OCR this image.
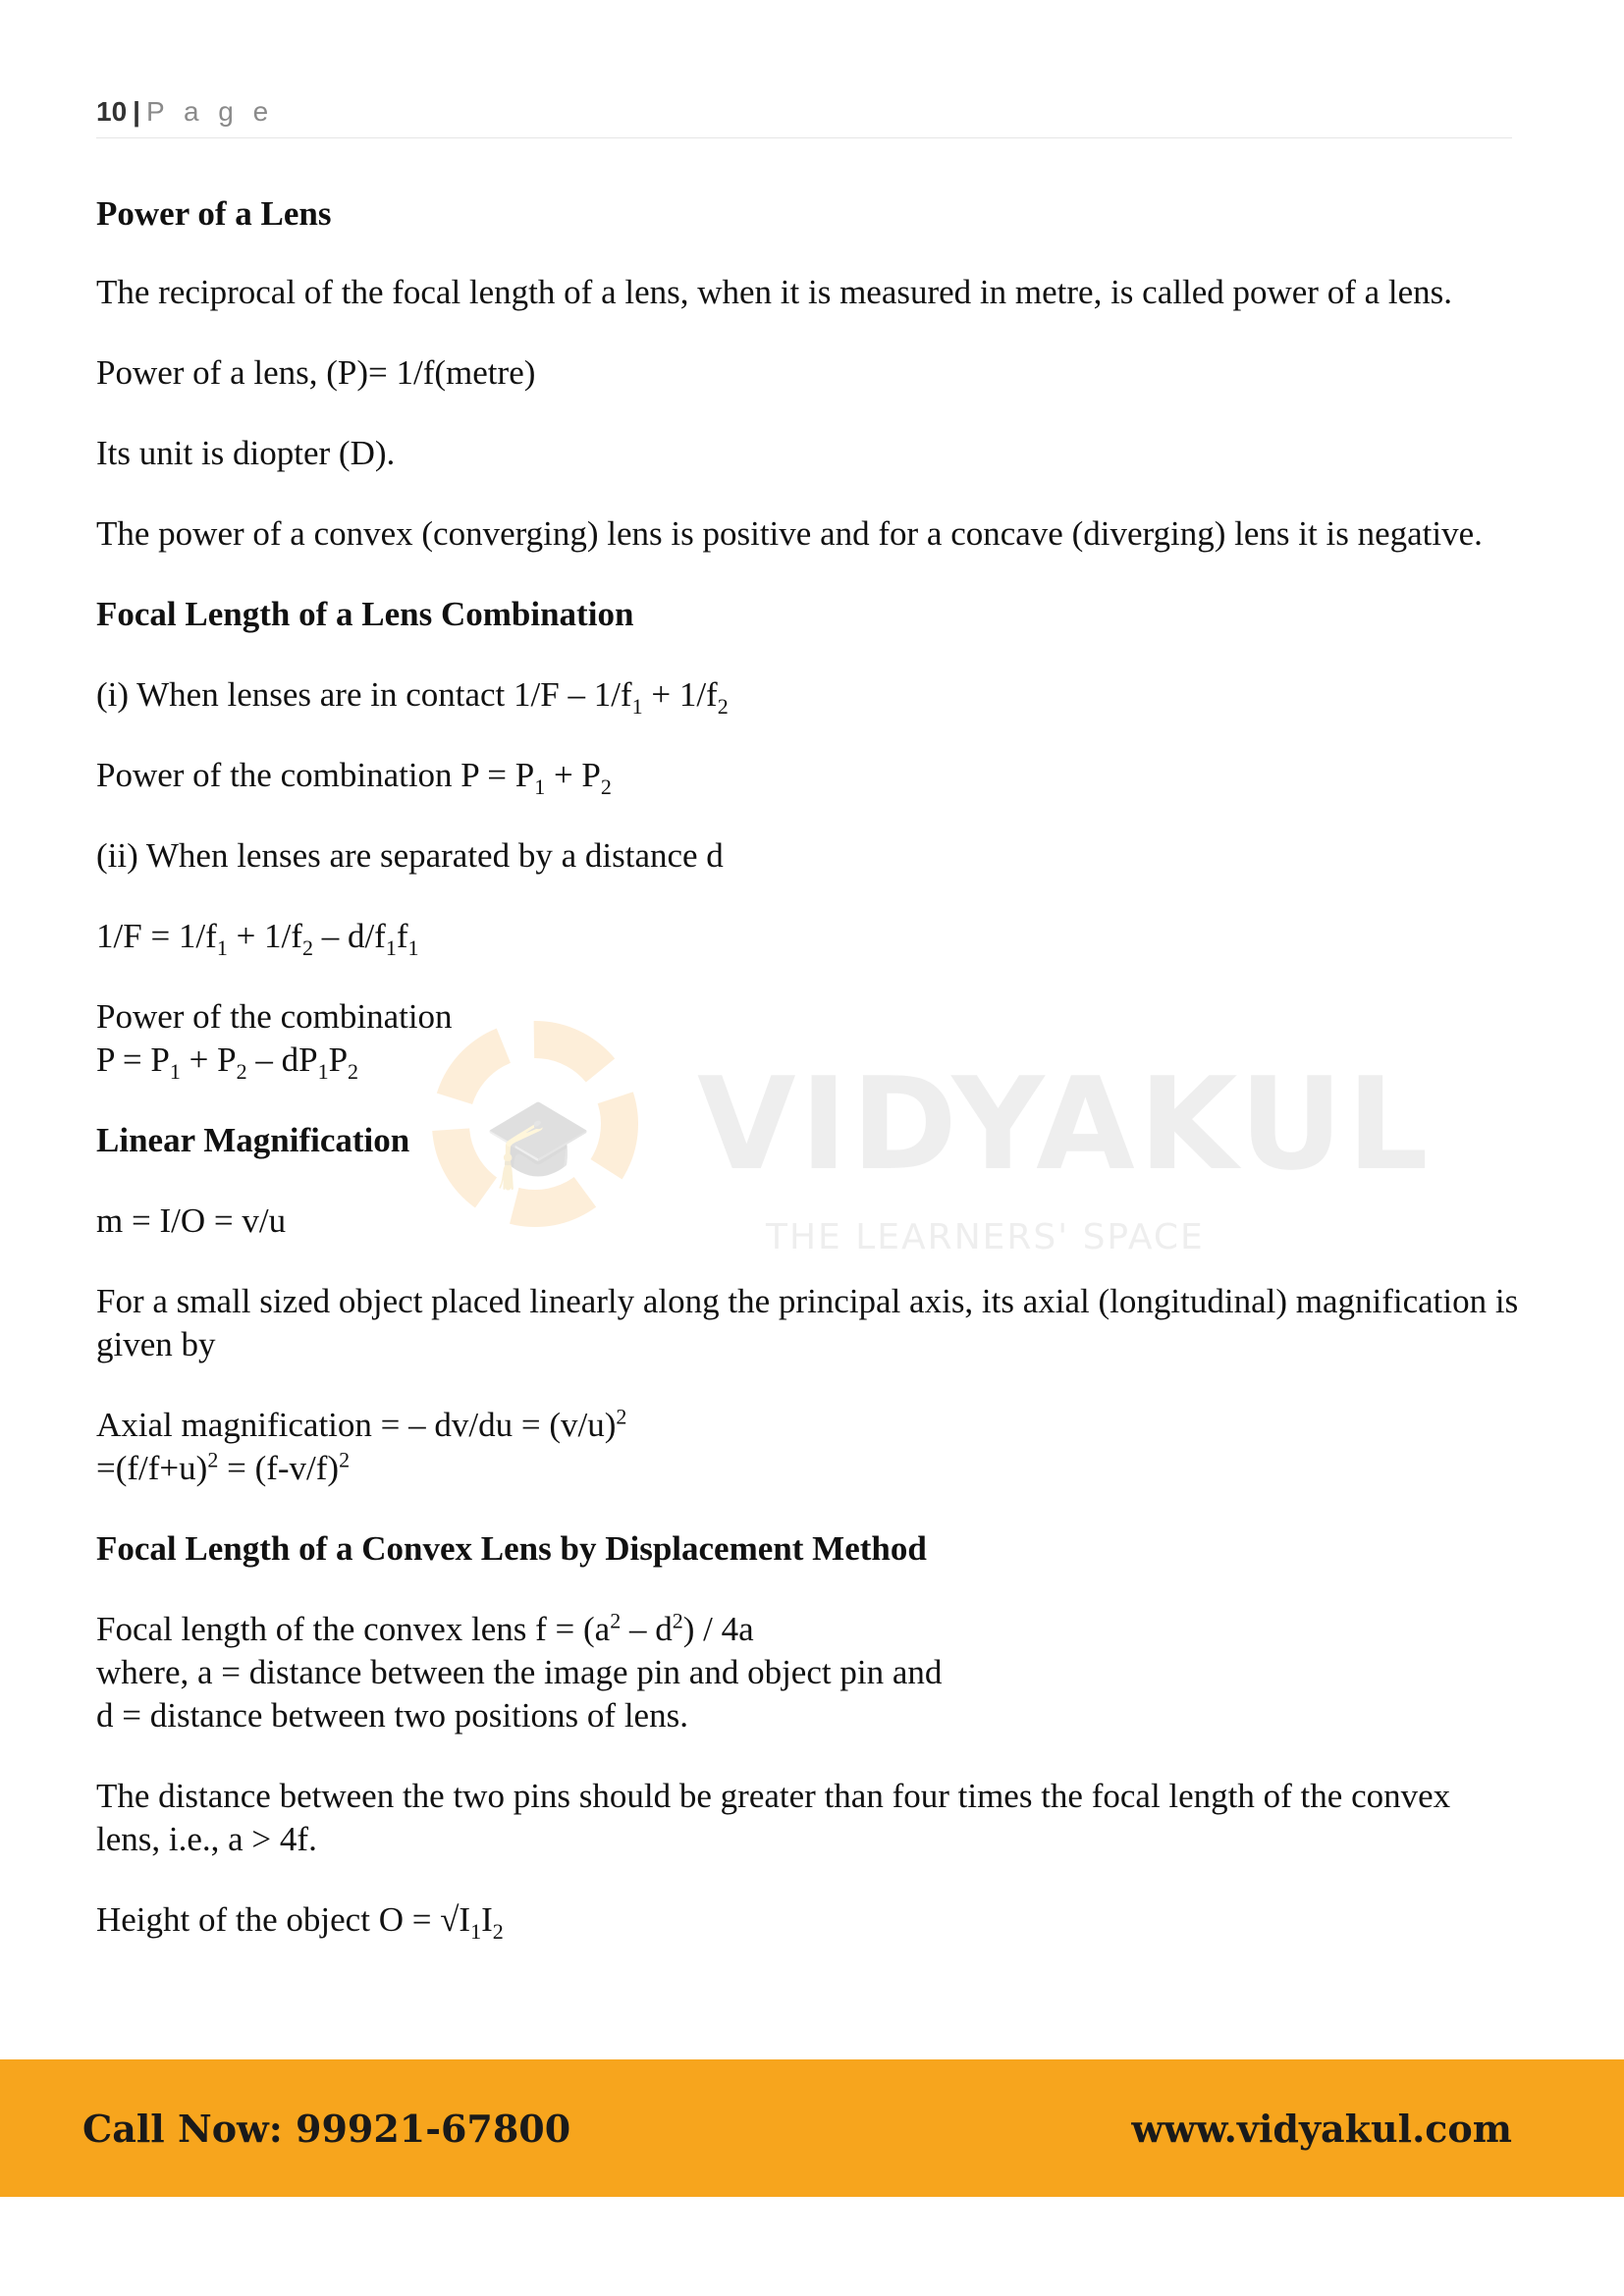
10 | P a g e
🎓 VIDYAKUL
THE LEARNERS' SPACE

Power of a Lens

The reciprocal of the focal length of a lens, when it is measured in metre, is called power of a lens.

Power of a lens, (P)= 1/f(metre)

Its unit is diopter (D).

The power of a convex (converging) lens is positive and for a concave (diverging) lens it is negative.

Focal Length of a Lens Combination

(i) When lenses are in contact $1/F - 1/f_1 + 1/f_2$

Power of the combination $P = P_1 + P_2$

(ii) When lenses are separated by a distance d

$1/F = 1/f_1 + 1/f_2 - d/f_1f_1$

Power of the combination

$P = P_1 + P_2 - dP_1P_2$

Linear Magnification

m = I/O = v/u

For a small sized object placed linearly along the principal axis, its axial (longitudinal) magnification is given by

Axial magnification = – $dv/du = (v/u)^2$

$=(f/f+u)^2 = (f-v/f)^2$

Focal Length of a Convex Lens by Displacement Method

Focal length of the convex lens $f = (a^2 - d^2) / 4a$

where, a = distance between the image pin and object pin and

d = distance between two positions of lens.

The distance between the two pins should be greater than four times the focal length of the convex lens, i.e., a > 4f.

Height of the object $O = √I_1I_2$

Call Now: 99921-67800	www.vidyakul.com
